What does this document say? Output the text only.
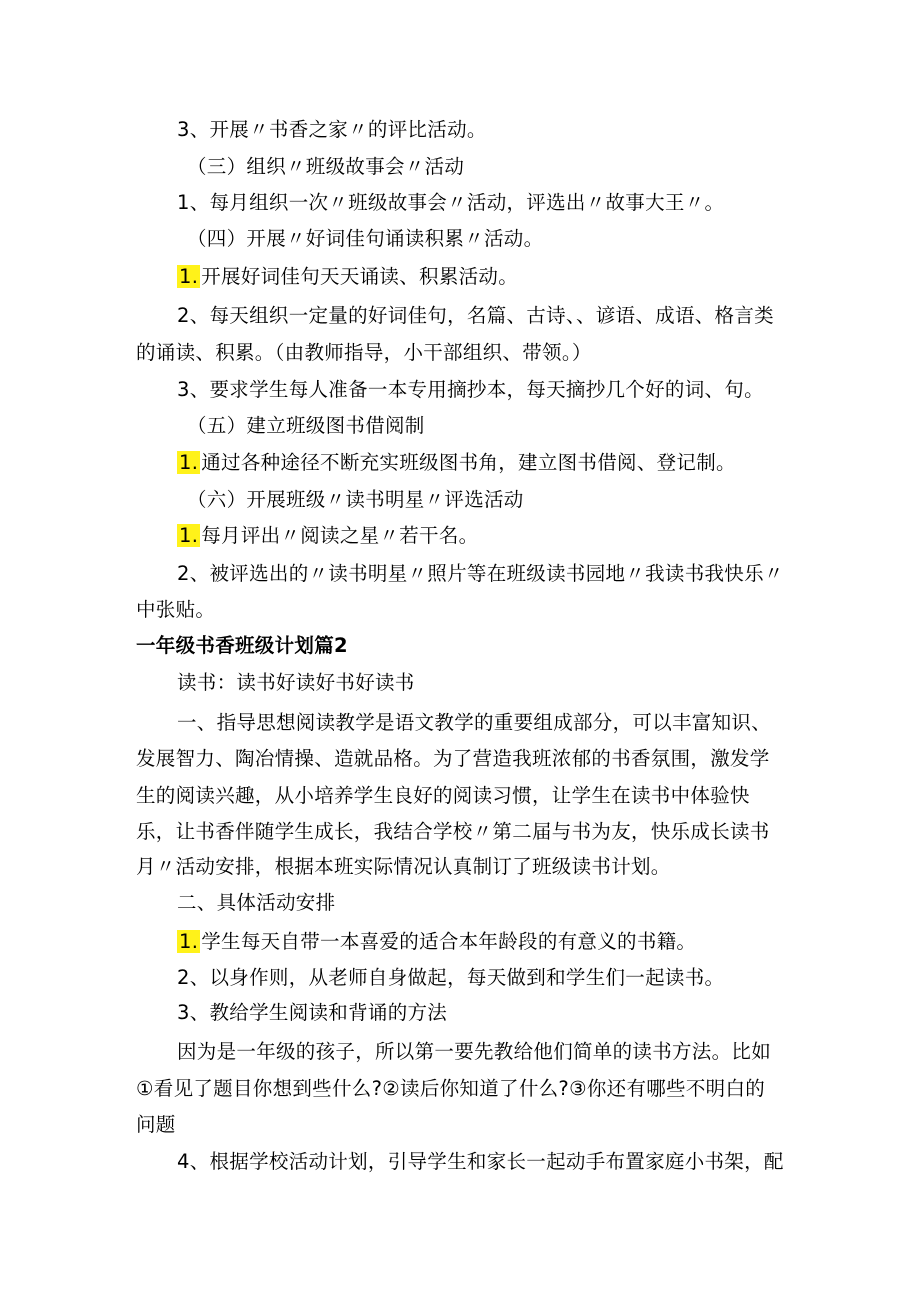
3、开展〃书香之家〃的评比活动。
（三）组织〃班级故事会〃活动
1、每月组织一次〃班级故事会〃活动，评选出〃故事大王〃。
（四）开展〃好词佳句诵读积累〃活动。
1. 开展好词佳句天天诵读、积累活动。
2、每天组织一定量的好词佳句，名篇、古诗、、谚语、成语、格言类
的诵读、积累。（由教师指导，小干部组织、带领。）
3、要求学生每人准备一本专用摘抄本，每天摘抄几个好的词、句。
（五）建立班级图书借阅制
1. 通过各种途径不断充实班级图书角，建立图书借阅、登记制。
（六）开展班级〃读书明星〃评选活动
1. 每月评出〃阅读之星〃若干名。
2、被评选出的〃读书明星〃照片等在班级读书园地〃我读书我快乐〃
中张贴。
一年级书香班级计划篇2
读书：读书好读好书好读书
一、指导思想阅读教学是语文教学的重要组成部分，可以丰富知识、
发展智力、陶冶情操、造就品格。为了营造我班浓郁的书香氛围，激发学
生的阅读兴趣，从小培养学生良好的阅读习惯，让学生在读书中体验快
乐，让书香伴随学生成长，我结合学校〃第二届与书为友，快乐成长读书
月〃活动安排，根据本班实际情况认真制订了班级读书计划。
二、具体活动安排
1. 学生每天自带一本喜爱的适合本年龄段的有意义的书籍。
2、以身作则，从老师自身做起，每天做到和学生们一起读书。
3、教给学生阅读和背诵的方法
因为是一年级的孩子，所以第一要先教给他们简单的读书方法。比如
①看见了题目你想到些什么?②读后你知道了什么?③你还有哪些不明白的
问题
4、根据学校活动计划，引导学生和家长一起动手布置家庭小书架，配
